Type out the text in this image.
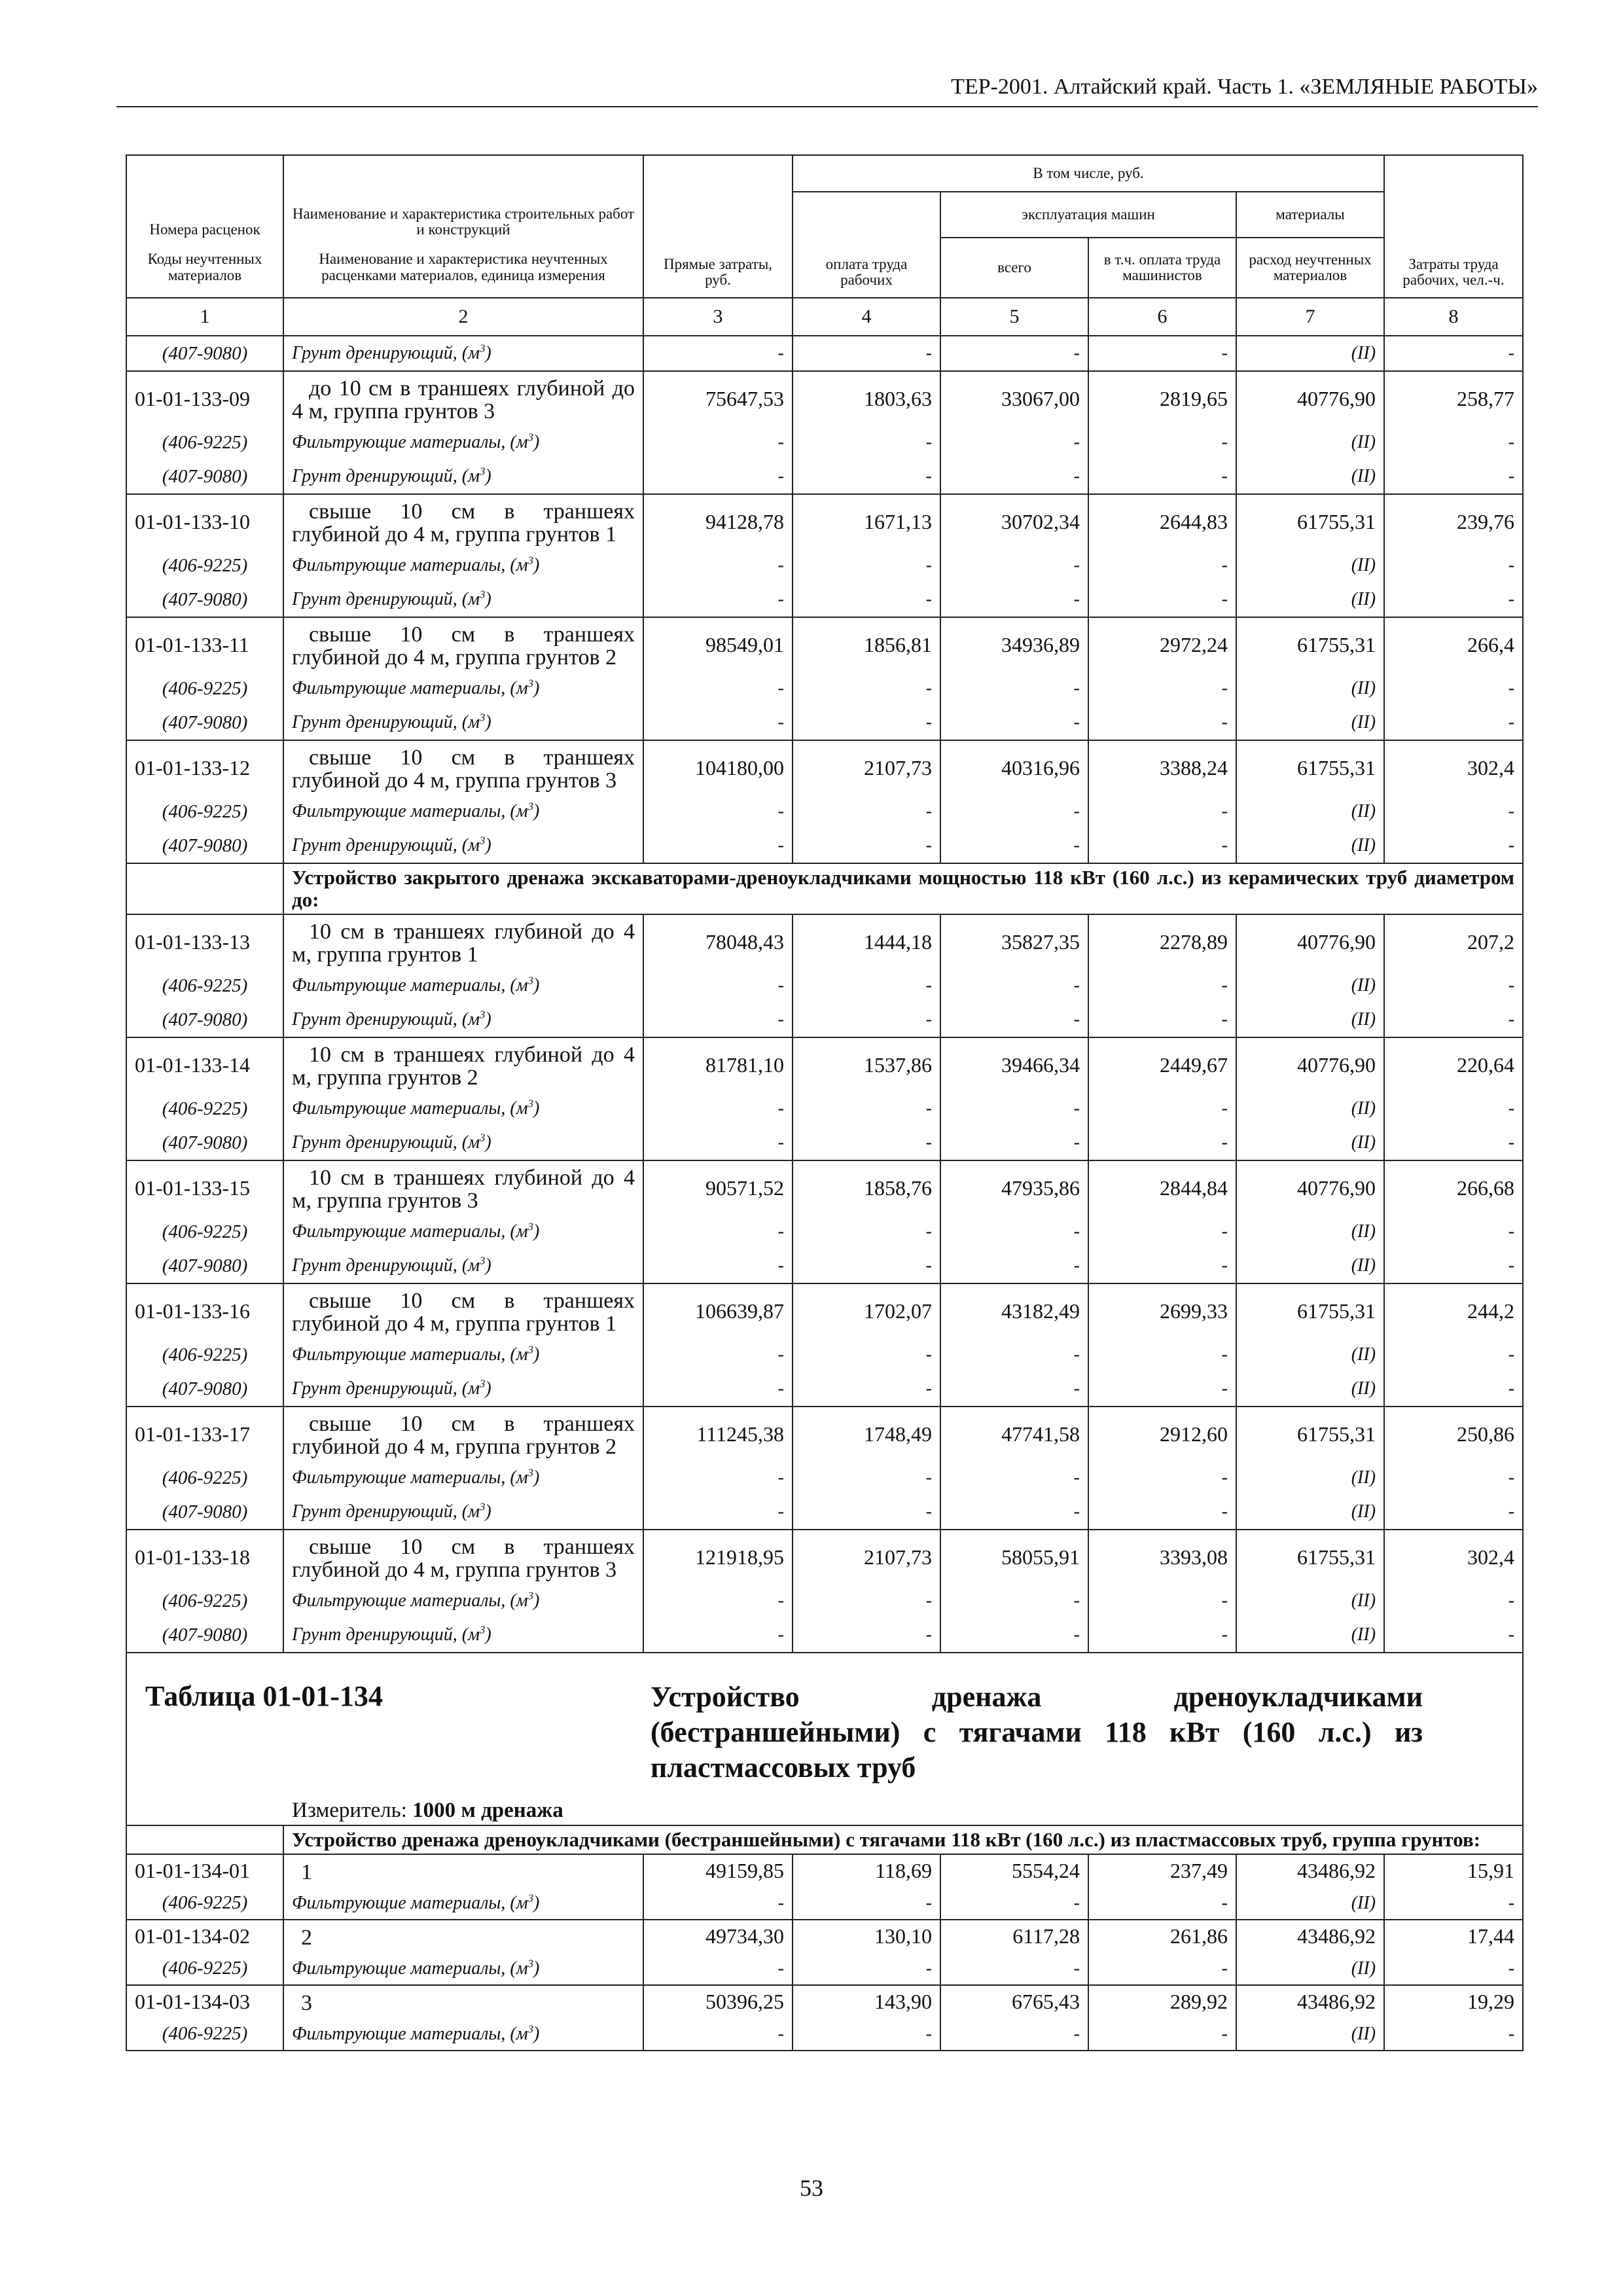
ТЕР-2001. Алтайский край. Часть 1. «ЗЕМЛЯНЫЕ РАБОТЫ»
Номера расценок	Наименование и характеристика строительных работ и конструкций	Прямые затраты, руб.	В том числе, руб.				Затраты труда рабочих, чел.-ч.
			оплата труда рабочих	эксплуатация машин		материалы	
Коды неучтенных материалов	Наименование и характеристика неучтенных расценками материалов, единица измерения			всего	в т.ч. оплата труда машинистов	расход неучтенных материалов	
1	2	3	4	5	6	7	8
(407-9080)	Грунт дренирующий, $(м^3)$	-	-	-	-	(II)	-
01-01-133-09	до 10 см в траншеях глубиной до 4 м, группа грунтов 3	75647,53	1803,63	33067,00	2819,65	40776,90	258,77
(406-9225)	Фильтрующие материалы, $(м^3)$	-	-	-	-	(II)	-
(407-9080)	Грунт дренирующий, $(м^3)$	-	-	-	-	(II)	-
01-01-133-10	свыше 10 см в траншеях глубиной до 4 м, группа грунтов 1	94128,78	1671,13	30702,34	2644,83	61755,31	239,76
(406-9225)	Фильтрующие материалы, $(м^3)$	-	-	-	-	(II)	-
(407-9080)	Грунт дренирующий, $(м^3)$	-	-	-	-	(II)	-
01-01-133-11	свыше 10 см в траншеях глубиной до 4 м, группа грунтов 2	98549,01	1856,81	34936,89	2972,24	61755,31	266,4
(406-9225)	Фильтрующие материалы, $(м^3)$	-	-	-	-	(II)	-
(407-9080)	Грунт дренирующий, $(м^3)$	-	-	-	-	(II)	-
01-01-133-12	свыше 10 см в траншеях глубиной до 4 м, группа грунтов 3	104180,00	2107,73	40316,96	3388,24	61755,31	302,4
(406-9225)	Фильтрующие материалы, $(м^3)$	-	-	-	-	(II)	-
(407-9080)	Грунт дренирующий, $(м^3)$	-	-	-	-	(II)	-
	Устройство закрытого дренажа экскаваторами-дреноукладчиками мощностью 118 кВт (160 л.с.) из керамических труб диаметром до:						
01-01-133-13	10 см в траншеях глубиной до 4 м, группа грунтов 1	78048,43	1444,18	35827,35	2278,89	40776,90	207,2
(406-9225)	Фильтрующие материалы, $(м^3)$	-	-	-	-	(II)	-
(407-9080)	Грунт дренирующий, $(м^3)$	-	-	-	-	(II)	-
01-01-133-14	10 см в траншеях глубиной до 4 м, группа грунтов 2	81781,10	1537,86	39466,34	2449,67	40776,90	220,64
(406-9225)	Фильтрующие материалы, $(м^3)$	-	-	-	-	(II)	-
(407-9080)	Грунт дренирующий, $(м^3)$	-	-	-	-	(II)	-
01-01-133-15	10 см в траншеях глубиной до 4 м, группа грунтов 3	90571,52	1858,76	47935,86	2844,84	40776,90	266,68
(406-9225)	Фильтрующие материалы, $(м^3)$	-	-	-	-	(II)	-
(407-9080)	Грунт дренирующий, $(м^3)$	-	-	-	-	(II)	-
01-01-133-16	свыше 10 см в траншеях глубиной до 4 м, группа грунтов 1	106639,87	1702,07	43182,49	2699,33	61755,31	244,2
(406-9225)	Фильтрующие материалы, $(м^3)$	-	-	-	-	(II)	-
(407-9080)	Грунт дренирующий, $(м^3)$	-	-	-	-	(II)	-
01-01-133-17	свыше 10 см в траншеях глубиной до 4 м, группа грунтов 2	111245,38	1748,49	47741,58	2912,60	61755,31	250,86
(406-9225)	Фильтрующие материалы, $(м^3)$	-	-	-	-	(II)	-
(407-9080)	Грунт дренирующий, $(м^3)$	-	-	-	-	(II)	-
01-01-133-18	свыше 10 см в траншеях глубиной до 4 м, группа грунтов 3	121918,95	2107,73	58055,91	3393,08	61755,31	302,4
(406-9225)	Фильтрующие материалы, $(м^3)$	-	-	-	-	(II)	-
(407-9080)	Грунт дренирующий, $(м^3)$	-	-	-	-	(II)	-

Таблица 01-01-134 Устройство дренажа дреноукладчиками (бестраншейными) с тягачами 118 кВт (160 л.с.) из пластмассовых труб
Измеритель: 1000 м дренажа							

	Устройство дренажа дреноукладчиками (бестраншейными) с тягачами 118 кВт (160 л.с.) из пластмассовых труб, группа грунтов:						
01-01-134-01	1	49159,85	118,69	5554,24	237,49	43486,92	15,91
(406-9225)	Фильтрующие материалы, $(м^3)$	-	-	-	-	(II)	-
01-01-134-02	2	49734,30	130,10	6117,28	261,86	43486,92	17,44
(406-9225)	Фильтрующие материалы, $(м^3)$	-	-	-	-	(II)	-
01-01-134-03	3	50396,25	143,90	6765,43	289,92	43486,92	19,29
(406-9225)	Фильтрующие материалы, $(м^3)$	-	-	-	-	(II)	-
53
